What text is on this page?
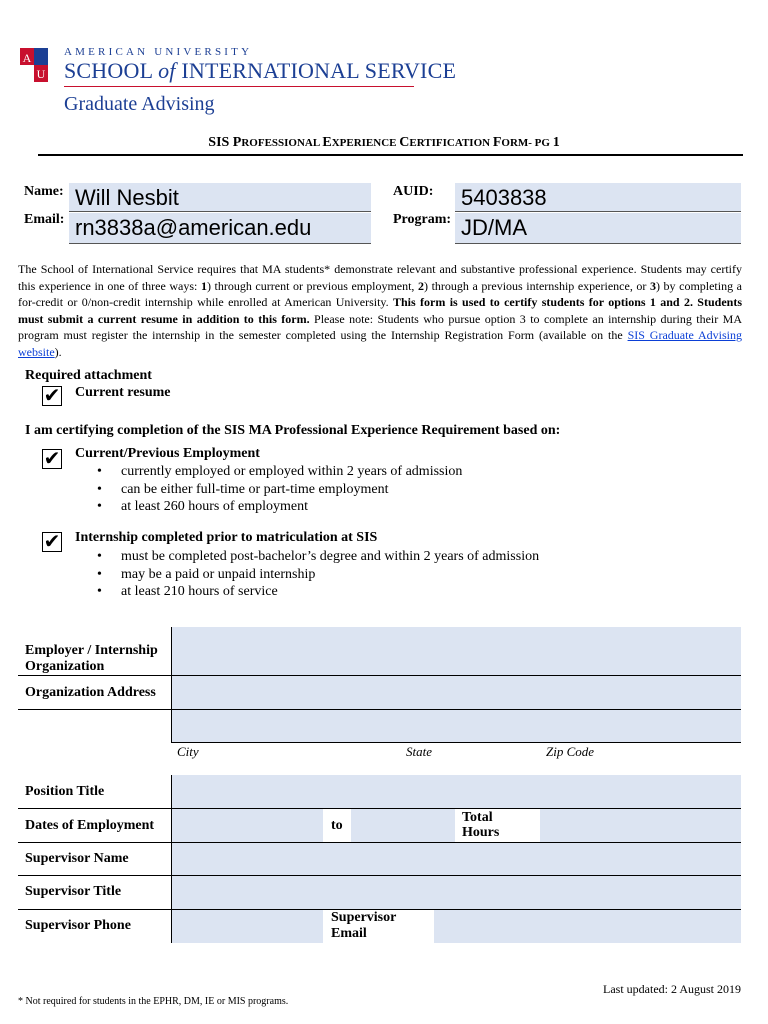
A
U
AMERICAN UNIVERSITY
SCHOOL of INTERNATIONAL SERVICE
Graduate Advising
SIS PROFESSIONAL EXPERIENCE CERTIFICATION FORM- PG 1
Name: Will Nesbit
Email: rn3838a@american.edu
AUID: 5403838
Program: JD/MA
The School of International Service requires that MA students* demonstrate relevant and substantive professional experience. Students may certify this experience in one of three ways: 1) through current or previous employment, 2) through a previous internship experience, or 3) by completing a for-credit or 0/non-credit internship while enrolled at American University. This form is used to certify students for options 1 and 2. Students must submit a current resume in addition to this form. Please note: Students who pursue option 3 to complete an internship during their MA program must register the internship in the semester completed using the Internship Registration Form (available on the SIS Graduate Advising website).
Required attachment
✔ Current resume
I am certifying completion of the SIS MA Professional Experience Requirement based on:
✔ Current/Previous Employment
• currently employed or employed within 2 years of admission
• can be either full-time or part-time employment
• at least 260 hours of employment
✔ Internship completed prior to matriculation at SIS
• must be completed post-bachelor’s degree and within 2 years of admission
• may be a paid or unpaid internship
• at least 210 hours of service
Employer / Internship
Organization
Organization Address
City	State	Zip Code
Position Title
to
Total
Hours
Dates of Employment
Supervisor Name
Supervisor Title
Supervisor Phone
Supervisor
Email
Last updated: 2 August 2019
* Not required for students in the EPHR, DM, IE or MIS programs.
